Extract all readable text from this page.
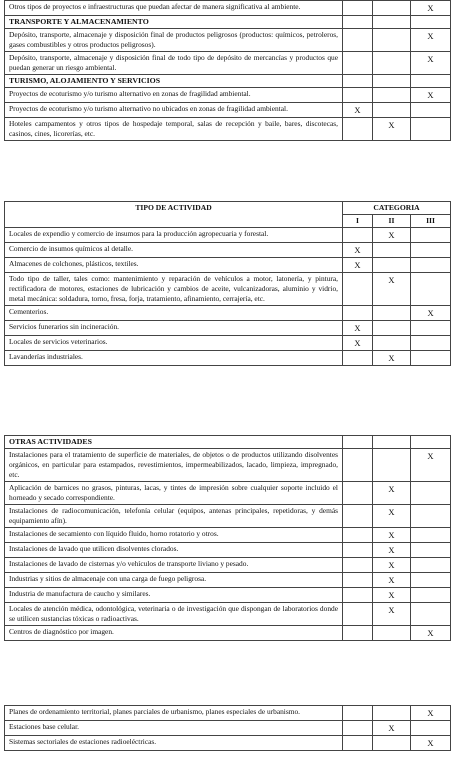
Otros tipos de proyectos e infraestructuras que puedan afectar de manera significativa al ambiente.			X
TRANSPORTE Y ALMACENAMIENTO			
Depósito, transporte, almacenaje y disposición final de productos peligrosos (productos: químicos, petroleros, gases combustibles y otros productos peligrosos).			X
Depósito, transporte, almacenaje y disposición final de todo tipo de depósito de mercancías y productos que puedan generar un riesgo ambiental.			X
TURISMO, ALOJAMIENTO Y SERVICIOS			
Proyectos de ecoturismo y/o turismo alternativo en zonas de fragilidad ambiental.			X
Proyectos de ecoturismo y/o turismo alternativo no ubicados en zonas de fragilidad ambiental.	X		
Hoteles campamentos y otros tipos de hospedaje temporal, salas de recepción y baile, bares, discotecas, casinos, cines, licorerías, etc.		X	
TIPO DE ACTIVIDAD	CATEGORIA		
	I	II	III
Locales de expendio y comercio de insumos para la producción agropecuaria y forestal.		X	
Comercio de insumos químicos al detalle.	X		
Almacenes de colchones, plásticos, textiles.	X		
Todo tipo de taller, tales como: mantenimiento y reparación de vehículos a motor, latonería, y pintura, rectificadora de motores, estaciones de lubricación y cambios de aceite, vulcanizadoras, aluminio y vidrio, metal mecánica: soldadura, torno, fresa, forja, tratamiento, afinamiento, cerrajería, etc.		X	
Cementerios.			X
Servicios funerarios sin incineración.	X		
Locales de servicios veterinarios.	X		
Lavanderías industriales.		X	
OTRAS ACTIVIDADES			
Instalaciones para el tratamiento de superficie de materiales, de objetos o de productos utilizando disolventes orgánicos, en particular para estampados, revestimientos, impermeabilizados, lacado, limpieza, impregnado, etc.			X
Aplicación de barnices no grasos, pinturas, lacas, y tintes de impresión sobre cualquier soporte incluido el horneado y secado correspondiente.		X	
Instalaciones de radiocomunicación, telefonía celular (equipos, antenas principales, repetidoras, y demás equipamiento afín).		X	
Instalaciones de secamiento con líquido fluido, horno rotatorio y otros.		X	
Instalaciones de lavado que utilicen disolventes clorados.		X	
Instalaciones de lavado de cisternas y/o vehículos de transporte liviano y pesado.		X	
Industrias y sitios de almacenaje con una carga de fuego peligrosa.		X	
Industria de manufactura de caucho y similares.		X	
Locales de atención médica, odontológica, veterinaria o de investigación que dispongan de laboratorios donde se utilicen sustancias tóxicas o radioactivas.		X	
Centros de diagnóstico por imagen.			X
Planes de ordenamiento territorial, planes parciales de urbanismo, planes especiales de urbanismo.			X
Estaciones base celular.		X	
Sistemas sectoriales de estaciones radioeléctricas.			X
